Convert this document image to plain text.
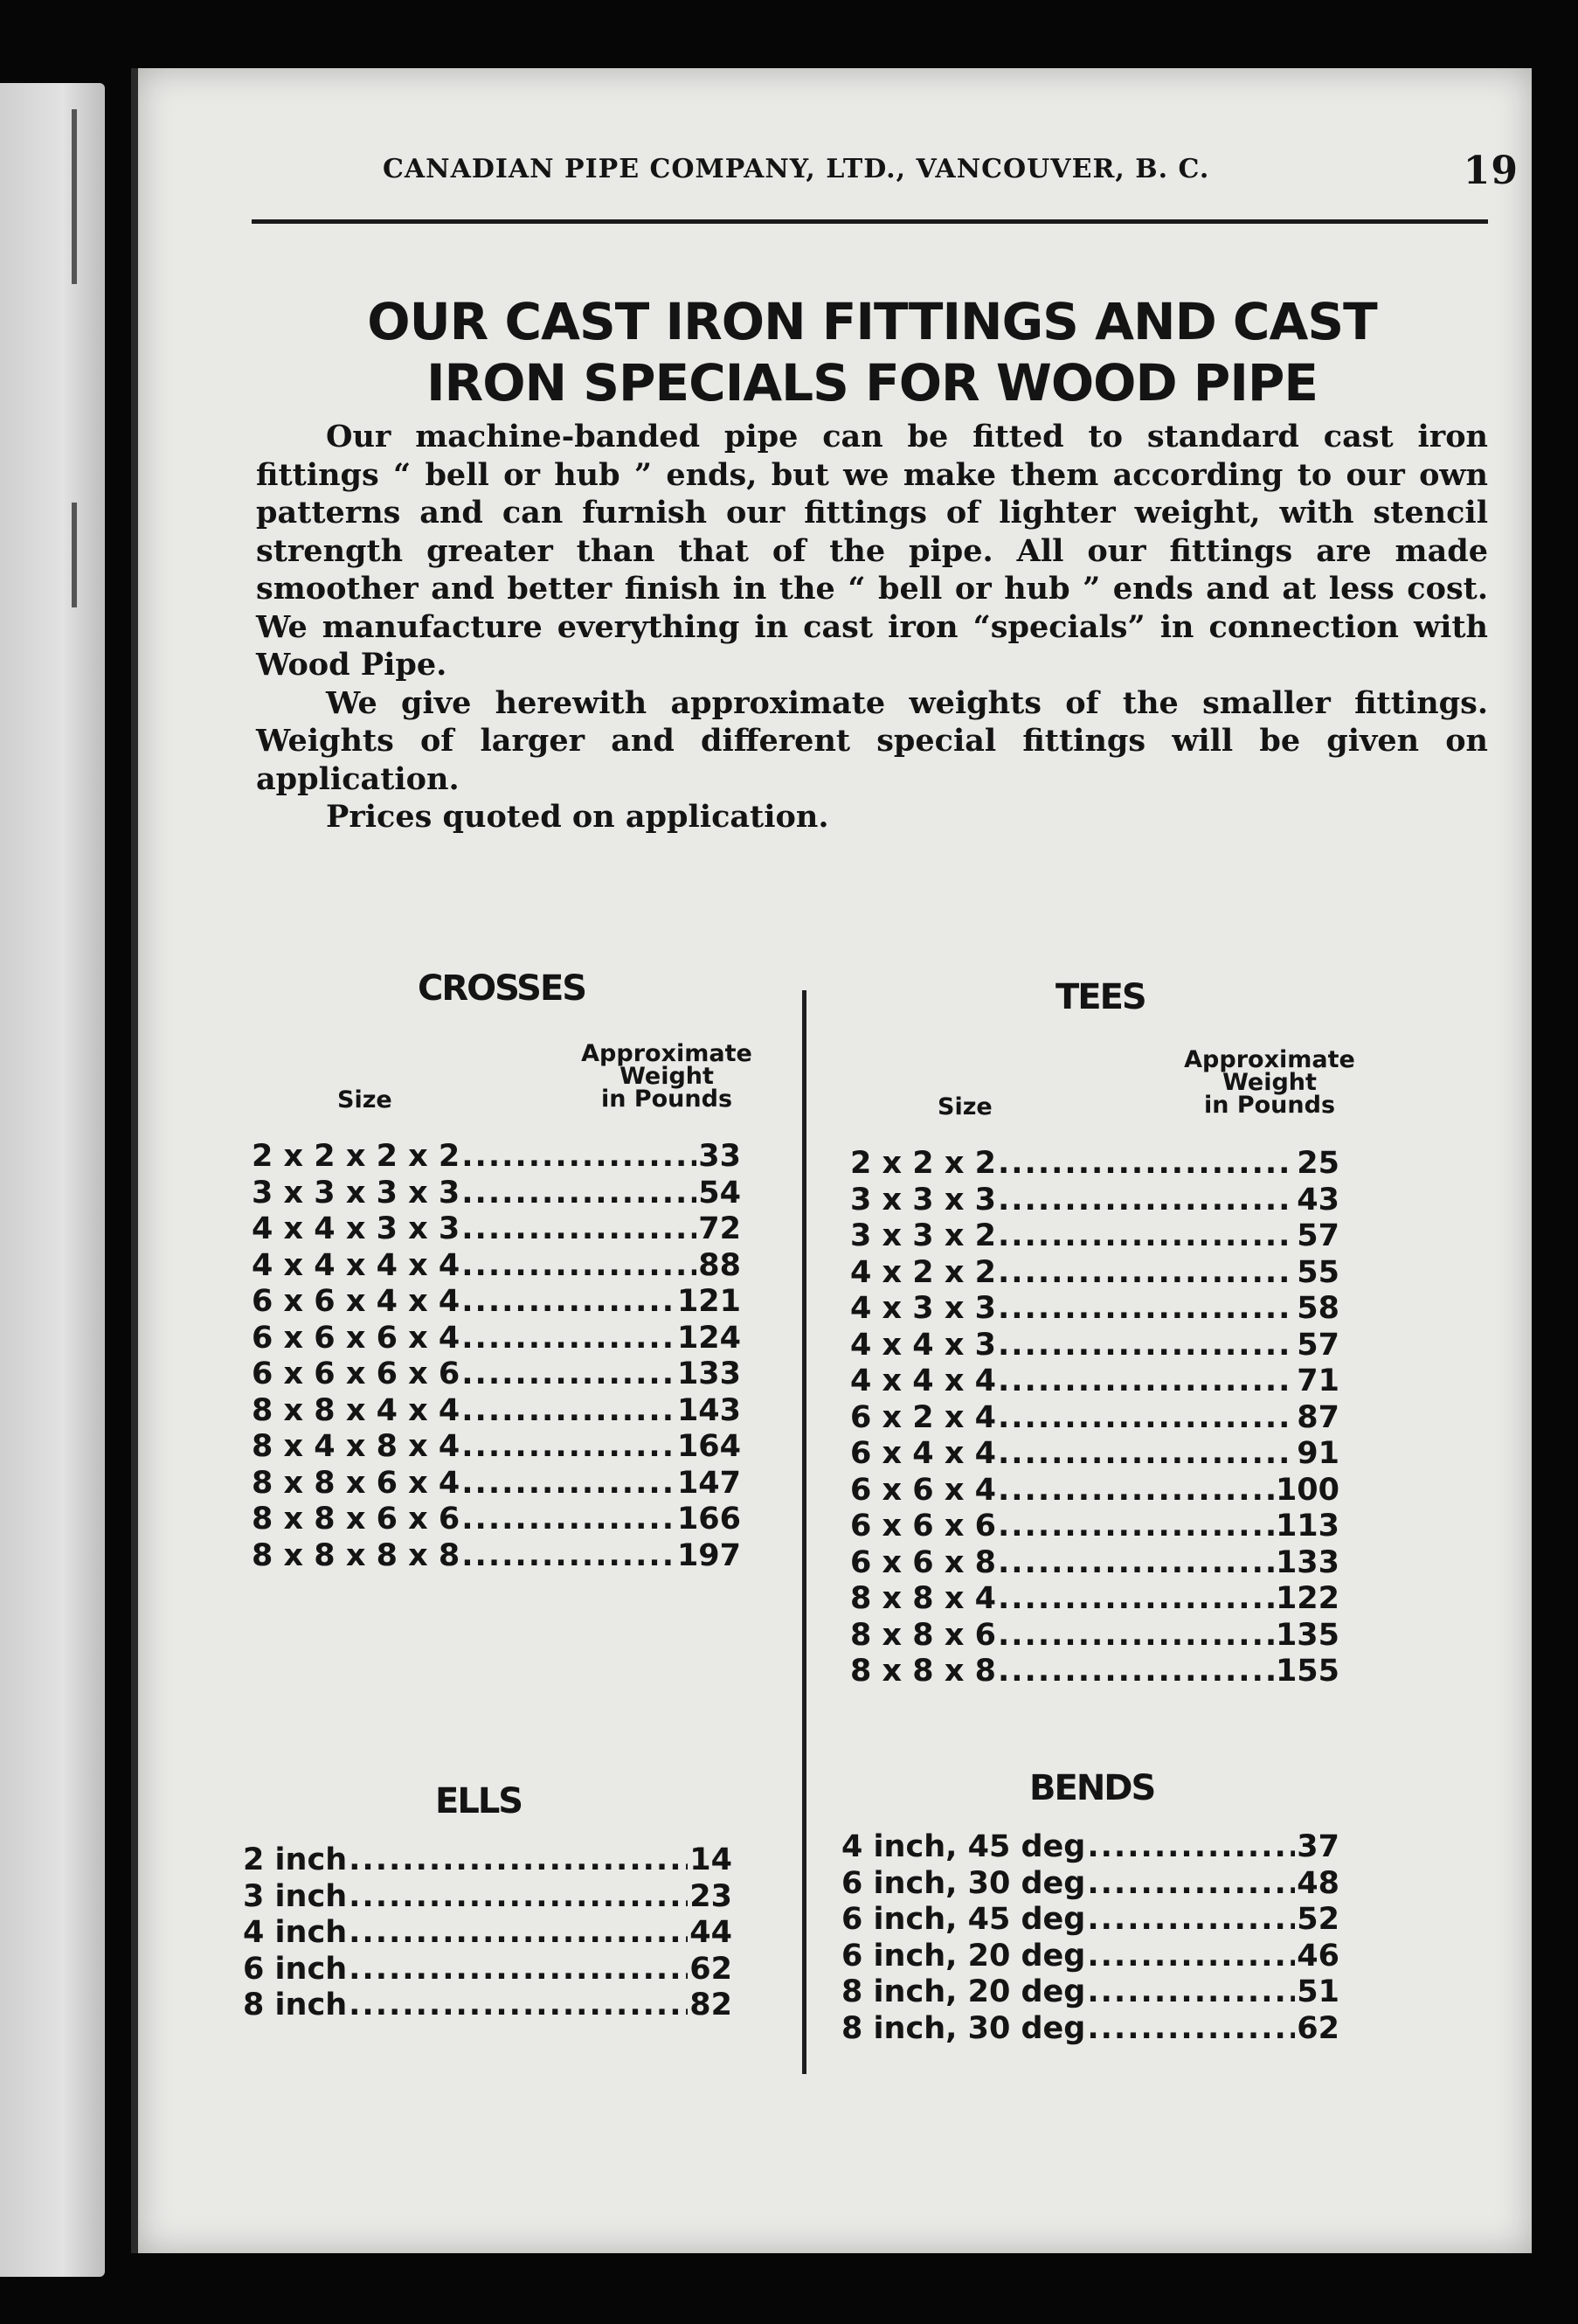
CANADIAN PIPE COMPANY, LTD., VANCOUVER, B. C.	19
OUR CAST IRON FITTINGS AND CAST
IRON SPECIALS FOR WOOD PIPE

Our machine-banded pipe can be fitted to standard cast iron fittings “ bell or hub ” ends, but we make them according to our own patterns and can furnish our fittings of lighter weight, with stencil strength greater than that of the pipe. All our fittings are made smoother and better finish in the “ bell or hub ” ends and at less cost. We manufacture everything in cast iron “specials” in connection with Wood Pipe.

We give herewith approximate weights of the smaller fittings. Weights of larger and different special fittings will be given on application.

Prices quoted on application.

CROSSES
Approximate
Weight
in Pounds
Size
2 x 2 x 2 x 2 .....	33
3 x 3 x 3 x 3 .....	54
4 x 4 x 3 x 3 .....	72
4 x 4 x 4 x 4 .....	88
6 x 6 x 4 x 4 .....	121
6 x 6 x 6 x 4 .....	124
6 x 6 x 6 x 6 .....	133
8 x 8 x 4 x 4 .....	143
8 x 4 x 8 x 4 .....	164
8 x 8 x 6 x 4 .....	147
8 x 8 x 6 x 6 .....	166
8 x 8 x 8 x 8 .....	197
TEES
Approximate
Weight
in Pounds
Size
2 x 2 x 2 .....	25
3 x 3 x 3 .....	43
3 x 3 x 2 .....	57
4 x 2 x 2 .....	55
4 x 3 x 3 .....	58
4 x 4 x 3 .....	57
4 x 4 x 4 .....	71
6 x 2 x 4 .....	87
6 x 4 x 4 .....	91
6 x 6 x 4 .....	100
6 x 6 x 6 .....	113
6 x 6 x 8 .....	133
8 x 8 x 4 .....	122
8 x 8 x 6 .....	135
8 x 8 x 8 .....	155
ELLS
2 inch .....	14
3 inch .....	23
4 inch .....	44
6 inch .....	62
8 inch .....	82
BENDS
4 inch, 45 deg .....	37
6 inch, 30 deg .....	48
6 inch, 45 deg .....	52
6 inch, 20 deg .....	46
8 inch, 20 deg .....	51
8 inch, 30 deg .....	62
